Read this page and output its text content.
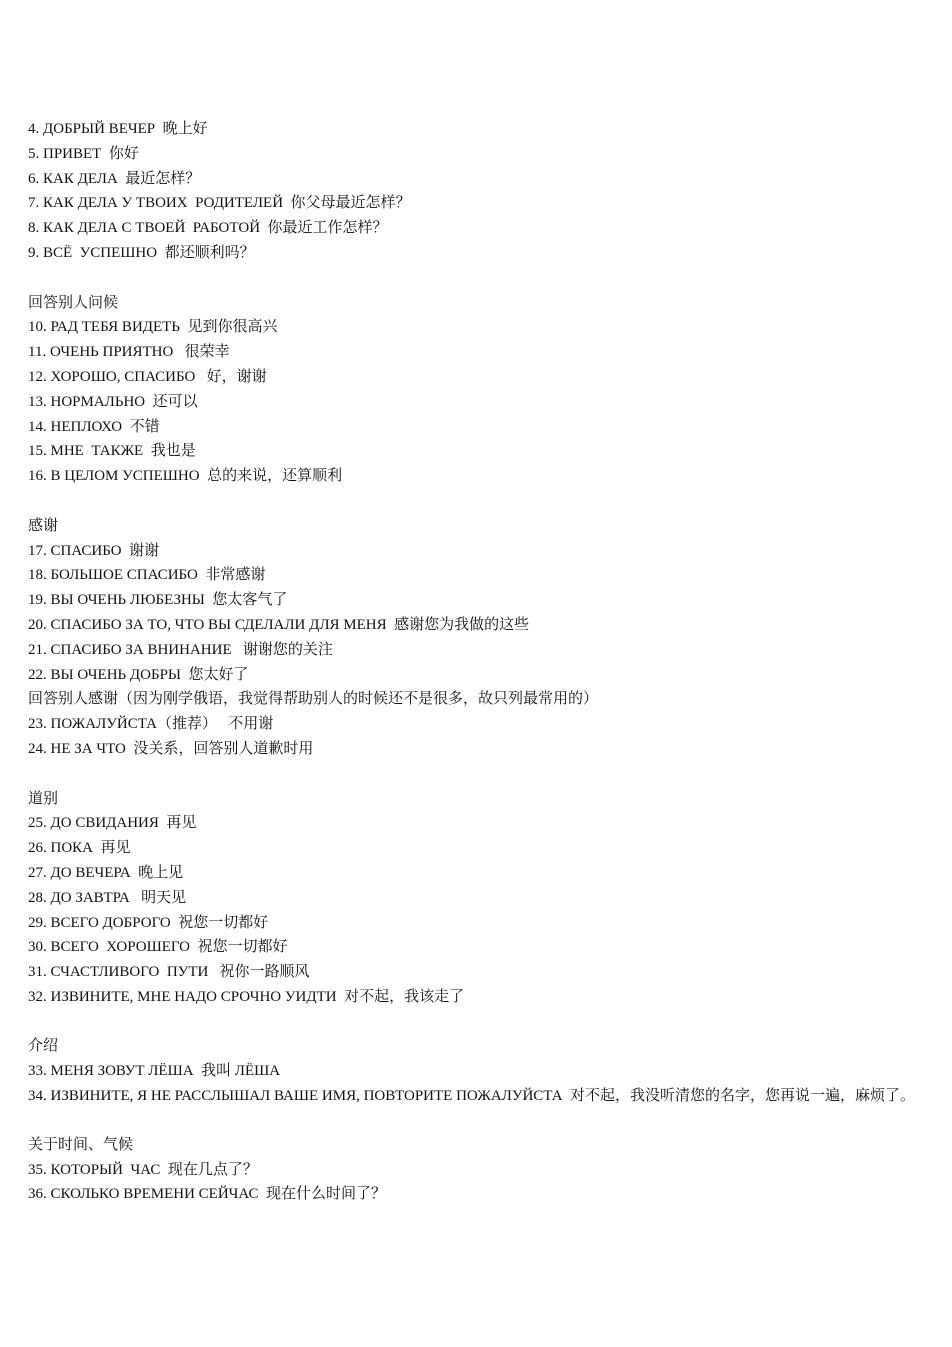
4. ДОБРЫЙ ВЕЧЕР  晚上好
5. ПРИВЕТ  你好
6. КАК ДЕЛА  最近怎样？
7. КАК ДЕЛА У ТВОИХ  РОДИТЕЛЕЙ  你父母最近怎样？
8. КАК ДЕЛА С ТВОЕЙ  РАБОТОЙ  你最近工作怎样？
9. ВСЁ  УСПЕШНО  都还顺利吗？
回答别人问候
10. РАД ТЕБЯ ВИДЕТЬ  见到你很高兴
11. ОЧЕНЬ ПРИЯТНО   很荣幸
12. ХОРОШО, СПАСИБО   好，谢谢
13. НОРМАЛЬНО  还可以
14. НЕПЛОХО  不错
15. МНЕ  ТАКЖЕ  我也是
16. В ЦЕЛОМ УСПЕШНО  总的来说，还算顺利
感谢
17. СПАСИБО  谢谢
18. БОЛЬШОЕ СПАСИБО  非常感谢
19. ВЫ ОЧЕНЬ ЛЮБЕЗНЫ  您太客气了
20. СПАСИБО ЗА ТО, ЧТО ВЫ СДЕЛАЛИ ДЛЯ МЕНЯ  感谢您为我做的这些
21. СПАСИБО ЗА ВНИНАНИЕ   谢谢您的关注
22. ВЫ ОЧЕНЬ ДОБРЫ  您太好了
回答别人感谢（因为刚学俄语，我觉得帮助别人的时候还不是很多，故只列最常用的）
23. ПОЖАЛУЙСТА（推荐）   不用谢
24. НЕ ЗА ЧТО  没关系，回答别人道歉时用
道别
25. ДО СВИДАНИЯ  再见
26. ПОКА  再见
27. ДО ВЕЧЕРА  晚上见
28. ДО ЗАВТРА   明天见
29. ВСЕГО ДОБРОГО  祝您一切都好
30. ВСЕГО  ХОРОШЕГО  祝您一切都好
31. СЧАСТЛИВОГО  ПУТИ   祝你一路顺风
32. ИЗВИНИТЕ, МНЕ НАДО СРОЧНО УИДТИ  对不起，我该走了
介绍
33. МЕНЯ ЗОВУТ ЛЁША  我叫 ЛЁША
34. ИЗВИНИТЕ, Я НЕ РАССЛЫШАЛ ВАШЕ ИМЯ, ПОВТОРИТЕ ПОЖАЛУЙСТА  对不起，我没听清您的名字，您再说一遍，麻烦了。
关于时间、气候
35. КОТОРЫЙ  ЧАС  现在几点了？
36. СКОЛЬКО ВРЕМЕНИ СЕЙЧАС  现在什么时间了？
